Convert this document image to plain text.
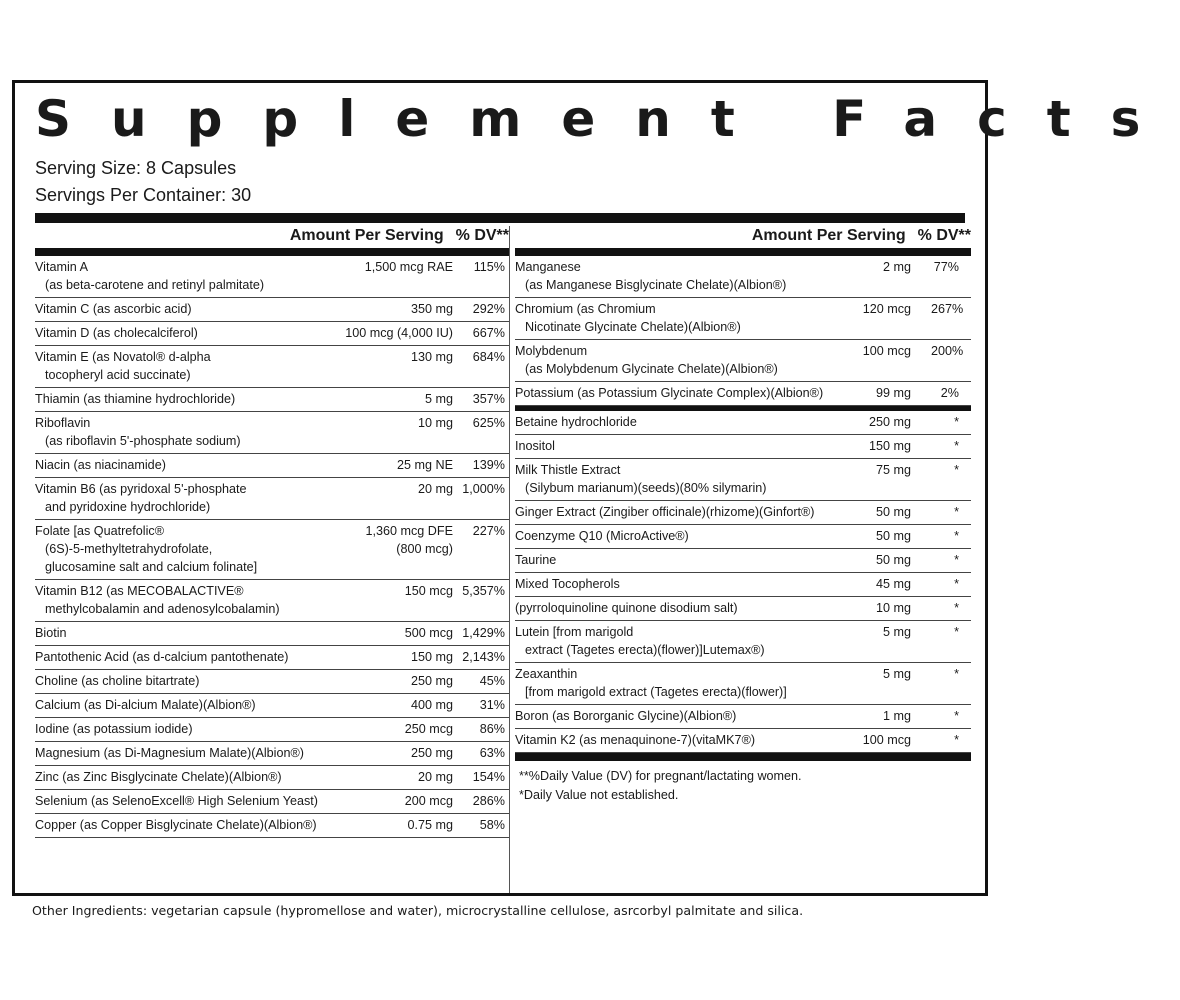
Supplement Facts
Serving Size: 8 Capsules
Servings Per Container: 30
Amount Per Serving % DV**
Vitamin A
(as beta-carotene and retinyl palmitate)
1,500 mcg RAE	115%
Vitamin C (as ascorbic acid)	350 mg	292%
Vitamin D (as cholecalciferol)	100 mcg (4,000 IU)	667%
Vitamin E (as Novatol® d-alpha
tocopheryl acid succinate)
130 mg	684%
Thiamin (as thiamine hydrochloride)	5 mg	357%
Riboflavin
(as riboflavin 5'-phosphate sodium)
10 mg	625%
Niacin (as niacinamide)	25 mg NE	139%
Vitamin B6 (as pyridoxal 5'-phosphate
and pyridoxine hydrochloride)
20 mg 1,000%
Folate [as Quatrefolic®
(6S)-5-methyltetrahydrofolate,
glucosamine salt and calcium folinate]
1,360 mcg DFE
(800 mcg)
227%
Vitamin B12 (as MECOBALACTIVE®
methylcobalamin and adenosylcobalamin)
150 mcg 5,357%
Biotin	500 mcg 1,429%
Pantothenic Acid (as d-calcium pantothenate)	150 mg 2,143%
Choline (as choline bitartrate)	250 mg	45%
Calcium (as Di-alcium Malate)(Albion®)	400 mg	31%
Iodine (as potassium iodide)	250 mcg	86%
Magnesium (as Di-Magnesium Malate)(Albion®)	250 mg	63%
Zinc (as Zinc Bisglycinate Chelate)(Albion®)	20 mg	154%
Selenium (as SelenoExcell® High Selenium Yeast)	200 mcg	286%
Copper (as Copper Bisglycinate Chelate)(Albion®)	0.75 mg	58%
Amount Per Serving % DV**
Manganese
(as Manganese Bisglycinate Chelate)(Albion®)
2 mg 77%
Chromium (as Chromium
Nicotinate Glycinate Chelate)(Albion®)
120 mcg 267%
Molybdenum
(as Molybdenum Glycinate Chelate)(Albion®)
100 mcg 200%
Potassium (as Potassium Glycinate Complex)(Albion®)	99 mg	2%
Betaine hydrochloride	250 mg	*
Inositol	150 mg	*
Milk Thistle Extract
(Silybum marianum)(seeds)(80% silymarin)
75 mg	*
Ginger Extract (Zingiber officinale)(rhizome)(Ginfort®)	50 mg	*
Coenzyme Q10 (MicroActive®)	50 mg	*
Taurine	50 mg	*
Mixed Tocopherols	45 mg	*
(pyrroloquinoline quinone disodium salt)	10 mg	*
Lutein [from marigold
extract (Tagetes erecta)(flower)]Lutemax®)
5 mg	*
Zeaxanthin
[from marigold extract (Tagetes erecta)(flower)]
5 mg	*
Boron (as Bororganic Glycine)(Albion®)	1 mg	*
Vitamin K2 (as menaquinone-7)(vitaMK7®)	100 mcg	*
**%Daily Value (DV) for pregnant/lactating women.
*Daily Value not established.
Other Ingredients: vegetarian capsule (hypromellose and water), microcrystalline cellulose, asrcorbyl palmitate and silica.
